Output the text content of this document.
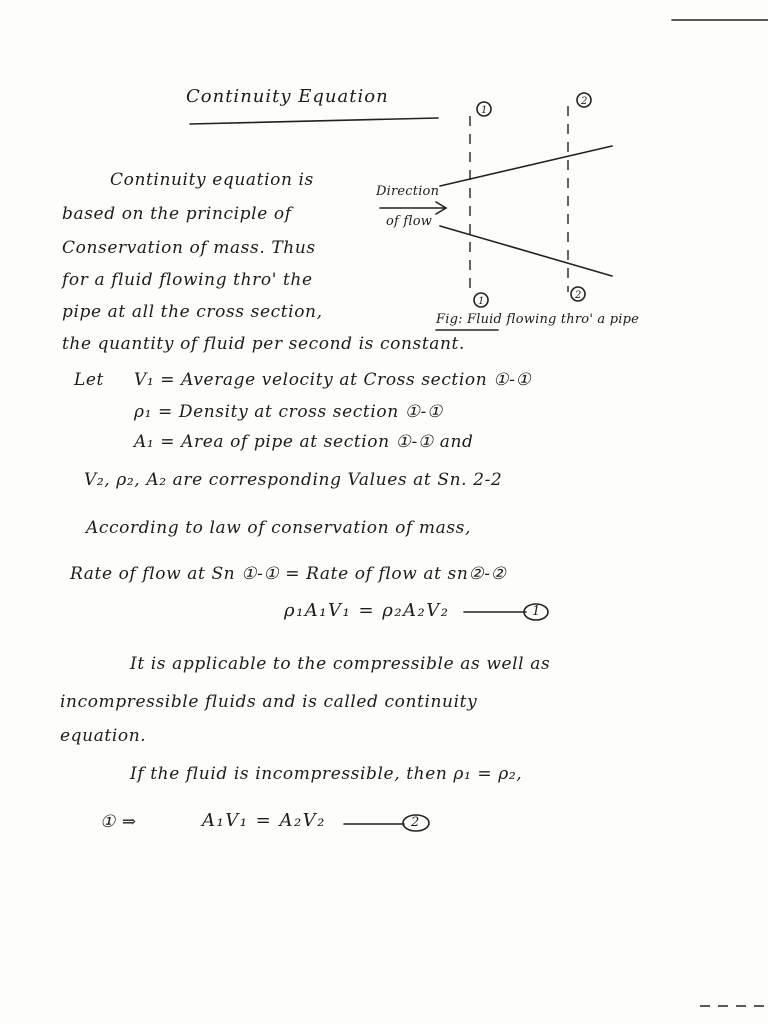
1
2
1
2
Continuity Equation
Direction
of flow
Fig: Fluid flowing thro' a pipe
Continuity equation is
based on the principle of
Conservation of mass. Thus
for a fluid flowing thro' the
pipe at all the cross section,
the quantity of fluid per second is constant.
Let V₁ = Average velocity at Cross section ①-①
ρ₁ = Density at cross section ①-①
A₁ = Area of pipe at section ①-① and
V₂, ρ₂, A₂ are corresponding Values at Sn. 2-2
According to law of conservation of mass,
Rate of flow at Sn ①-① = Rate of flow at sn②-②
ρ₁A₁V₁ = ρ₂A₂V₂	1
It is applicable to the compressible as well as
incompressible fluids and is called continuity
equation.
If the fluid is incompressible, then ρ₁ = ρ₂,
① ⇒	A₁V₁ = A₂V₂	2
